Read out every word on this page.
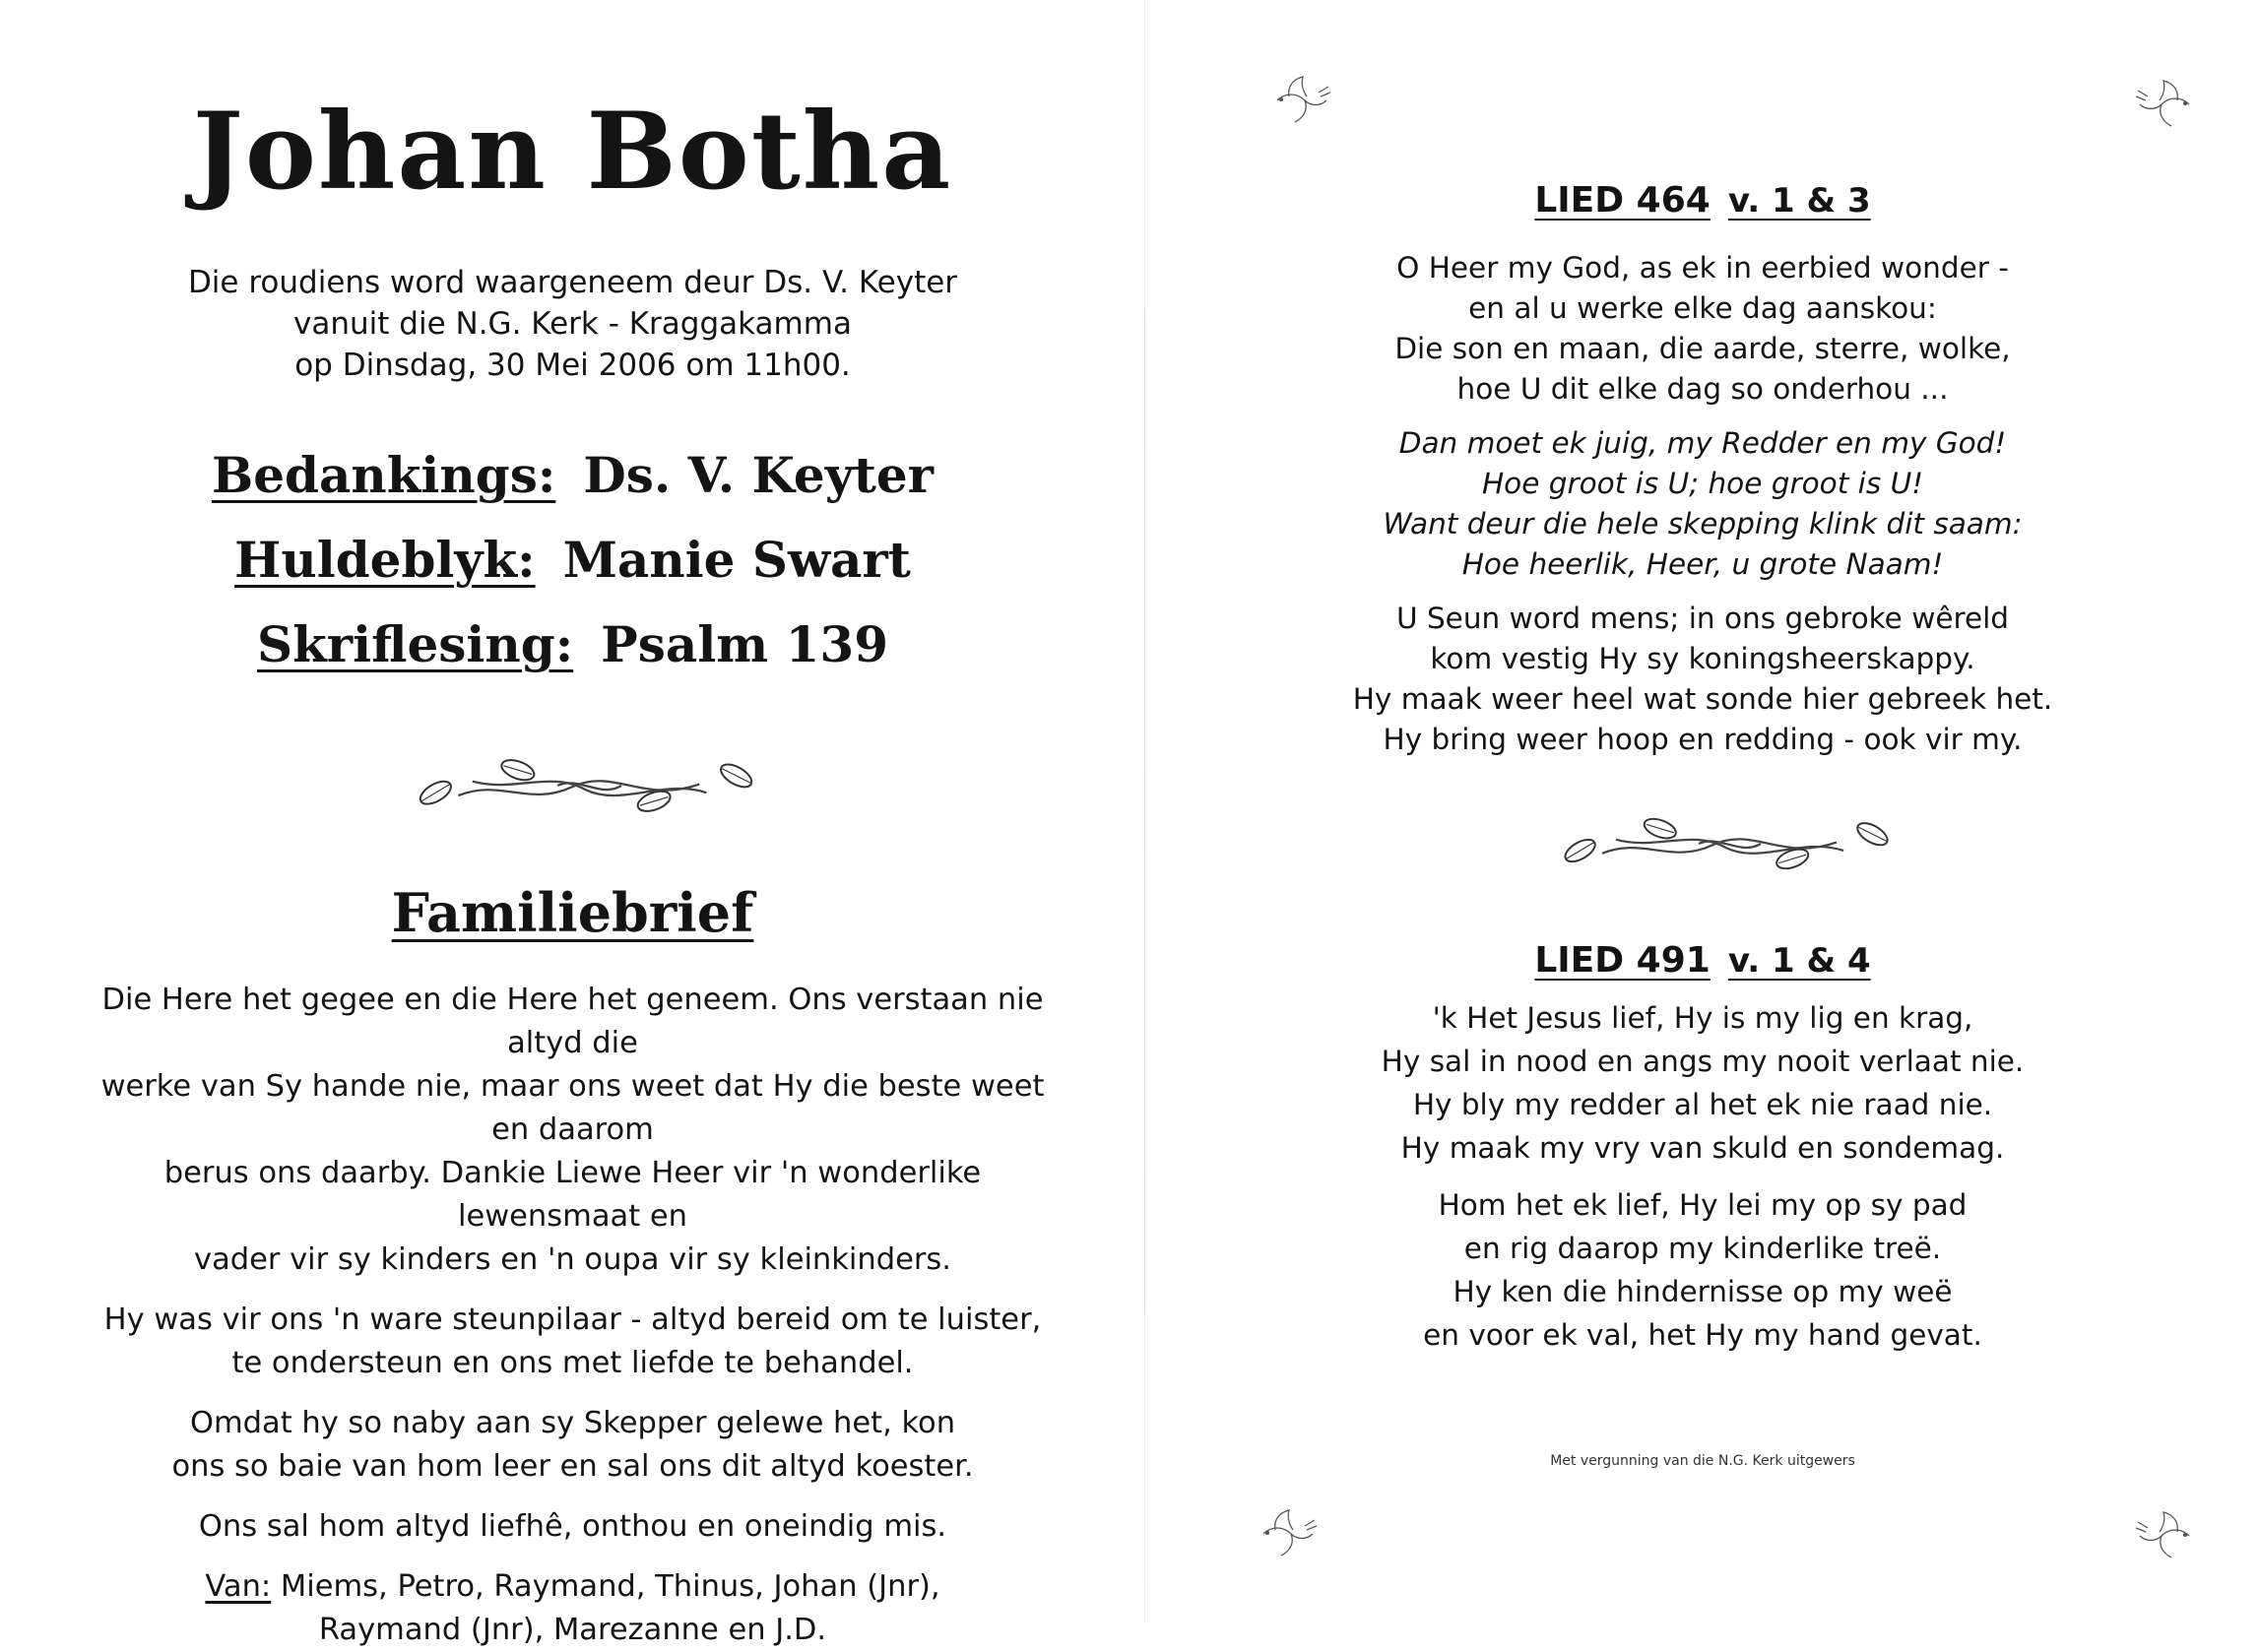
Johan Botha
Die roudiens word waargeneem deur Ds. V. Keyter
vanuit die N.G. Kerk - Kraggakamma
op Dinsdag, 30 Mei 2006 om 11h00.
Bedankings: Ds. V. Keyter
Huldeblyk: Manie Swart
Skriflesing: Psalm 139
Familiebrief

Die Here het gegee en die Here het geneem. Ons verstaan nie altyd die
werke van Sy hande nie, maar ons weet dat Hy die beste weet en daarom
berus ons daarby. Dankie Liewe Heer vir 'n wonderlike lewensmaat en
vader vir sy kinders en 'n oupa vir sy kleinkinders.

Hy was vir ons 'n ware steunpilaar - altyd bereid om te luister,
te ondersteun en ons met liefde te behandel.

Omdat hy so naby aan sy Skepper gelewe het, kon
ons so baie van hom leer en sal ons dit altyd koester.

Ons sal hom altyd liefhê, onthou en oneindig mis.

Van: Miems, Petro, Raymand, Thinus, Johan (Jnr),
Raymand (Jnr), Marezanne en J.D.
LIED 464 v. 1 & 3
O Heer my God, as ek in eerbied wonder -
en al u werke elke dag aanskou:
Die son en maan, die aarde, sterre, wolke,
hoe U dit elke dag so onderhou ...
Dan moet ek juig, my Redder en my God!
Hoe groot is U; hoe groot is U!
Want deur die hele skepping klink dit saam:
Hoe heerlik, Heer, u grote Naam!
U Seun word mens; in ons gebroke wêreld
kom vestig Hy sy koningsheerskappy.
Hy maak weer heel wat sonde hier gebreek het.
Hy bring weer hoop en redding - ook vir my.
LIED 491 v. 1 & 4
'k Het Jesus lief, Hy is my lig en krag,
Hy sal in nood en angs my nooit verlaat nie.
Hy bly my redder al het ek nie raad nie.
Hy maak my vry van skuld en sondemag.
Hom het ek lief, Hy lei my op sy pad
en rig daarop my kinderlike treë.
Hy ken die hindernisse op my weë
en voor ek val, het Hy my hand gevat.
Met vergunning van die N.G. Kerk uitgewers
